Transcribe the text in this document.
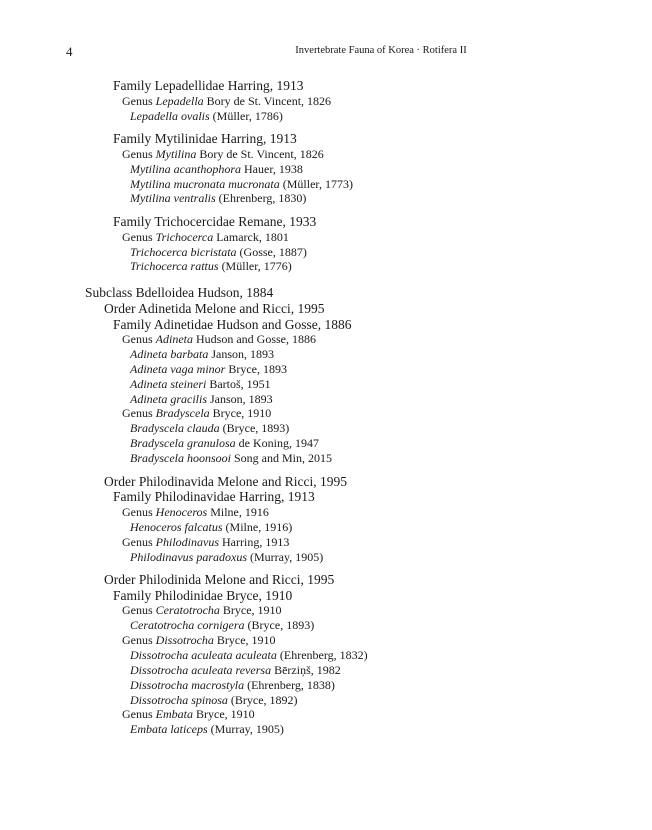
4	Invertebrate Fauna of Korea · Rotifera II
Family Lepadellidae Harring, 1913
Genus Lepadella Bory de St. Vincent, 1826
Lepadella ovalis (Müller, 1786)
Family Mytilinidae Harring, 1913
Genus Mytilina Bory de St. Vincent, 1826
Mytilina acanthophora Hauer, 1938
Mytilina mucronata mucronata (Müller, 1773)
Mytilina ventralis (Ehrenberg, 1830)
Family Trichocercidae Remane, 1933
Genus Trichocerca Lamarck, 1801
Trichocerca bicristata (Gosse, 1887)
Trichocerca rattus (Müller, 1776)
Subclass Bdelloidea Hudson, 1884
Order Adinetida Melone and Ricci, 1995
Family Adinetidae Hudson and Gosse, 1886
Genus Adineta Hudson and Gosse, 1886
Adineta barbata Janson, 1893
Adineta vaga minor Bryce, 1893
Adineta steineri Bartoš, 1951
Adineta gracilis Janson, 1893
Genus Bradyscela Bryce, 1910
Bradyscela clauda (Bryce, 1893)
Bradyscela granulosa de Koning, 1947
Bradyscela hoonsooi Song and Min, 2015
Order Philodinavida Melone and Ricci, 1995
Family Philodinavidae Harring, 1913
Genus Henoceros Milne, 1916
Henoceros falcatus (Milne, 1916)
Genus Philodinavus Harring, 1913
Philodinavus paradoxus (Murray, 1905)
Order Philodinida Melone and Ricci, 1995
Family Philodinidae Bryce, 1910
Genus Ceratotrocha Bryce, 1910
Ceratotrocha cornigera (Bryce, 1893)
Genus Dissotrocha Bryce, 1910
Dissotrocha aculeata aculeata (Ehrenberg, 1832)
Dissotrocha aculeata reversa Bērziņš, 1982
Dissotrocha macrostyla (Ehrenberg, 1838)
Dissotrocha spinosa (Bryce, 1892)
Genus Embata Bryce, 1910
Embata laticeps (Murray, 1905)
